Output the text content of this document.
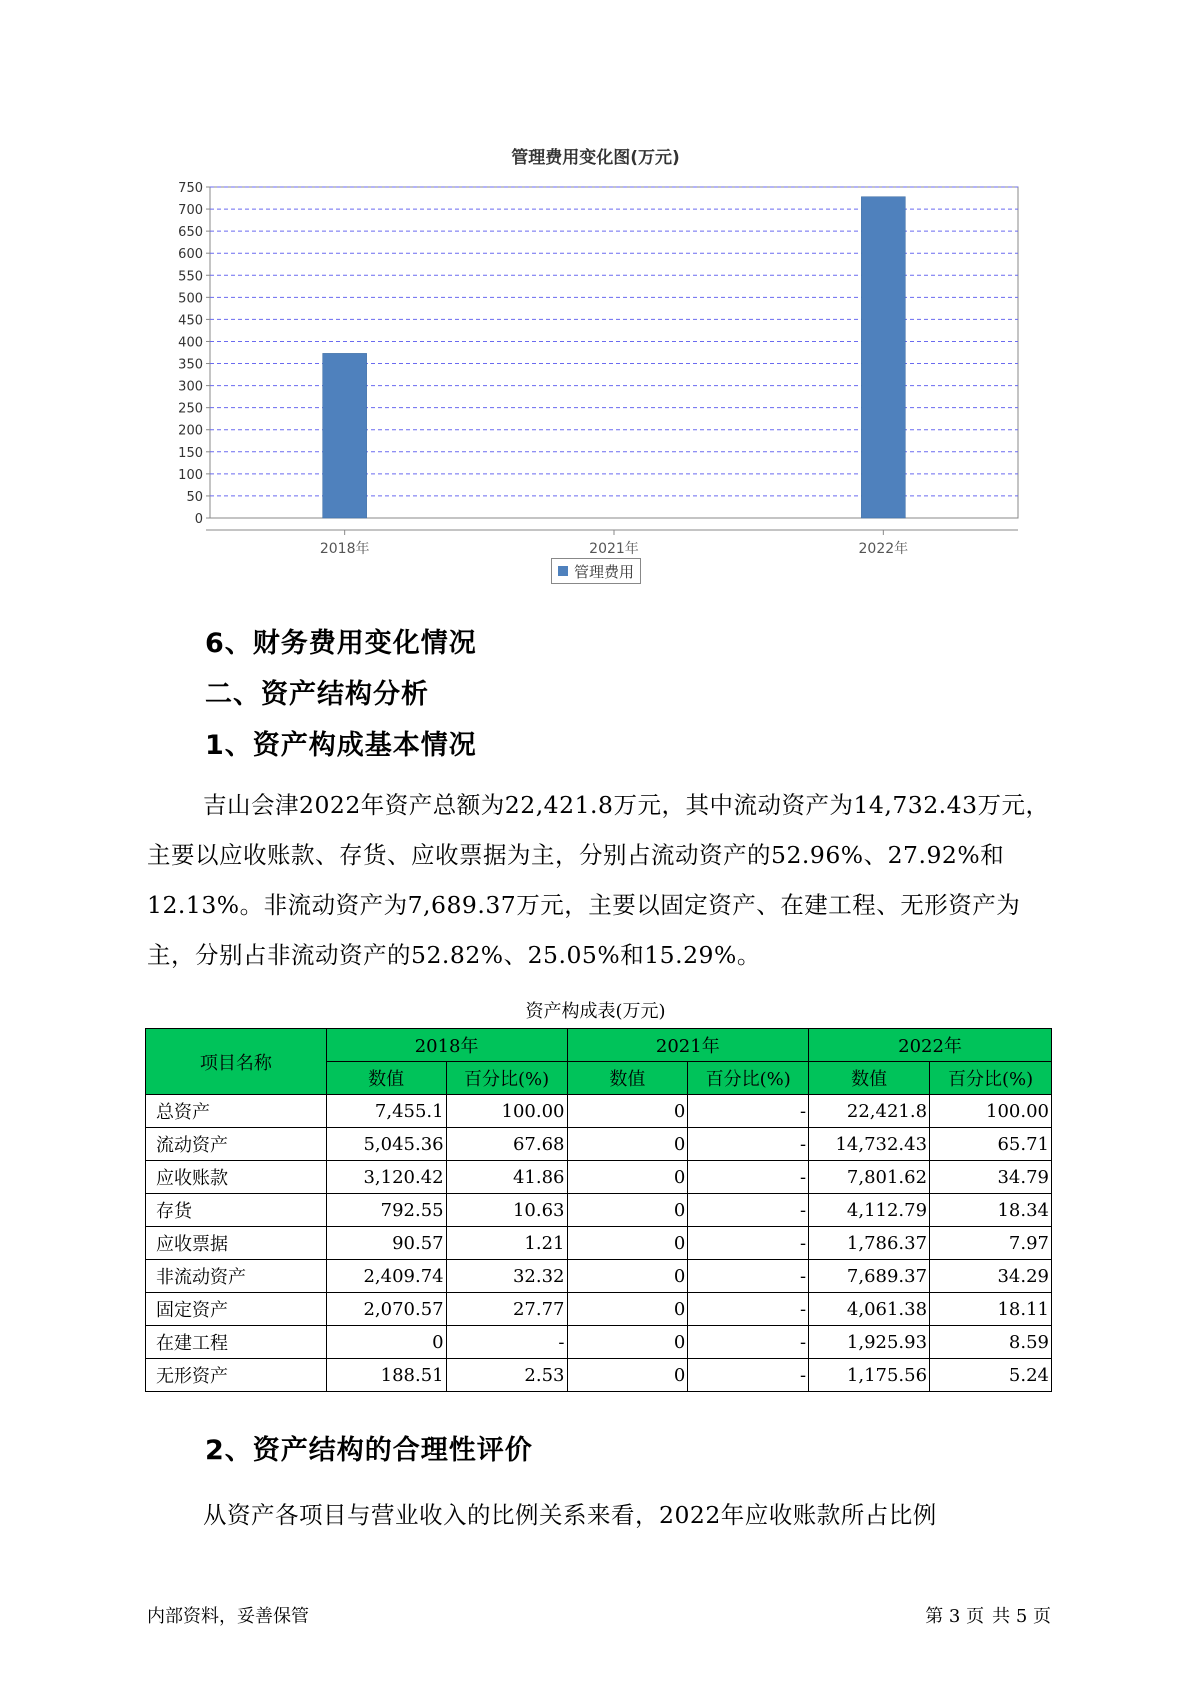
0
50
100
150
200
250
300
350
400
450
500
550
600
650
700
750
2018年	2021年	2022年
管理费用变化图(万元)
管理费用
6、财务费用变化情况
二、资产结构分析
1、资产构成基本情况

吉山会津2022年资产总额为22,421.8万元，其中流动资产为14,732.43万元，主要以应收账款、存货、应收票据为主，分别占流动资产的52.96%、27.92%和12.13%。非流动资产为7,689.37万元，主要以固定资产、在建工程、无形资产为主，分别占非流动资产的52.82%、25.05%和15.29%。

资产构成表(万元)
项目名称	2018年		2021年		2022年	
	数值	百分比(%)	数值	百分比(%)	数值	百分比(%)
总资产	7,455.1	100.00	0	-	22,421.8	100.00
流动资产	5,045.36	67.68	0	-	14,732.43	65.71
应收账款	3,120.42	41.86	0	-	7,801.62	34.79
存货	792.55	10.63	0	-	4,112.79	18.34
应收票据	90.57	1.21	0	-	1,786.37	7.97
非流动资产	2,409.74	32.32	0	-	7,689.37	34.29
固定资产	2,070.57	27.77	0	-	4,061.38	18.11
在建工程	0	-	0	-	1,925.93	8.59
无形资产	188.51	2.53	0	-	1,175.56	5.24
2、资产结构的合理性评价

从资产各项目与营业收入的比例关系来看，2022年应收账款所占比例

内部资料，妥善保管	第 3 页 共 5 页
